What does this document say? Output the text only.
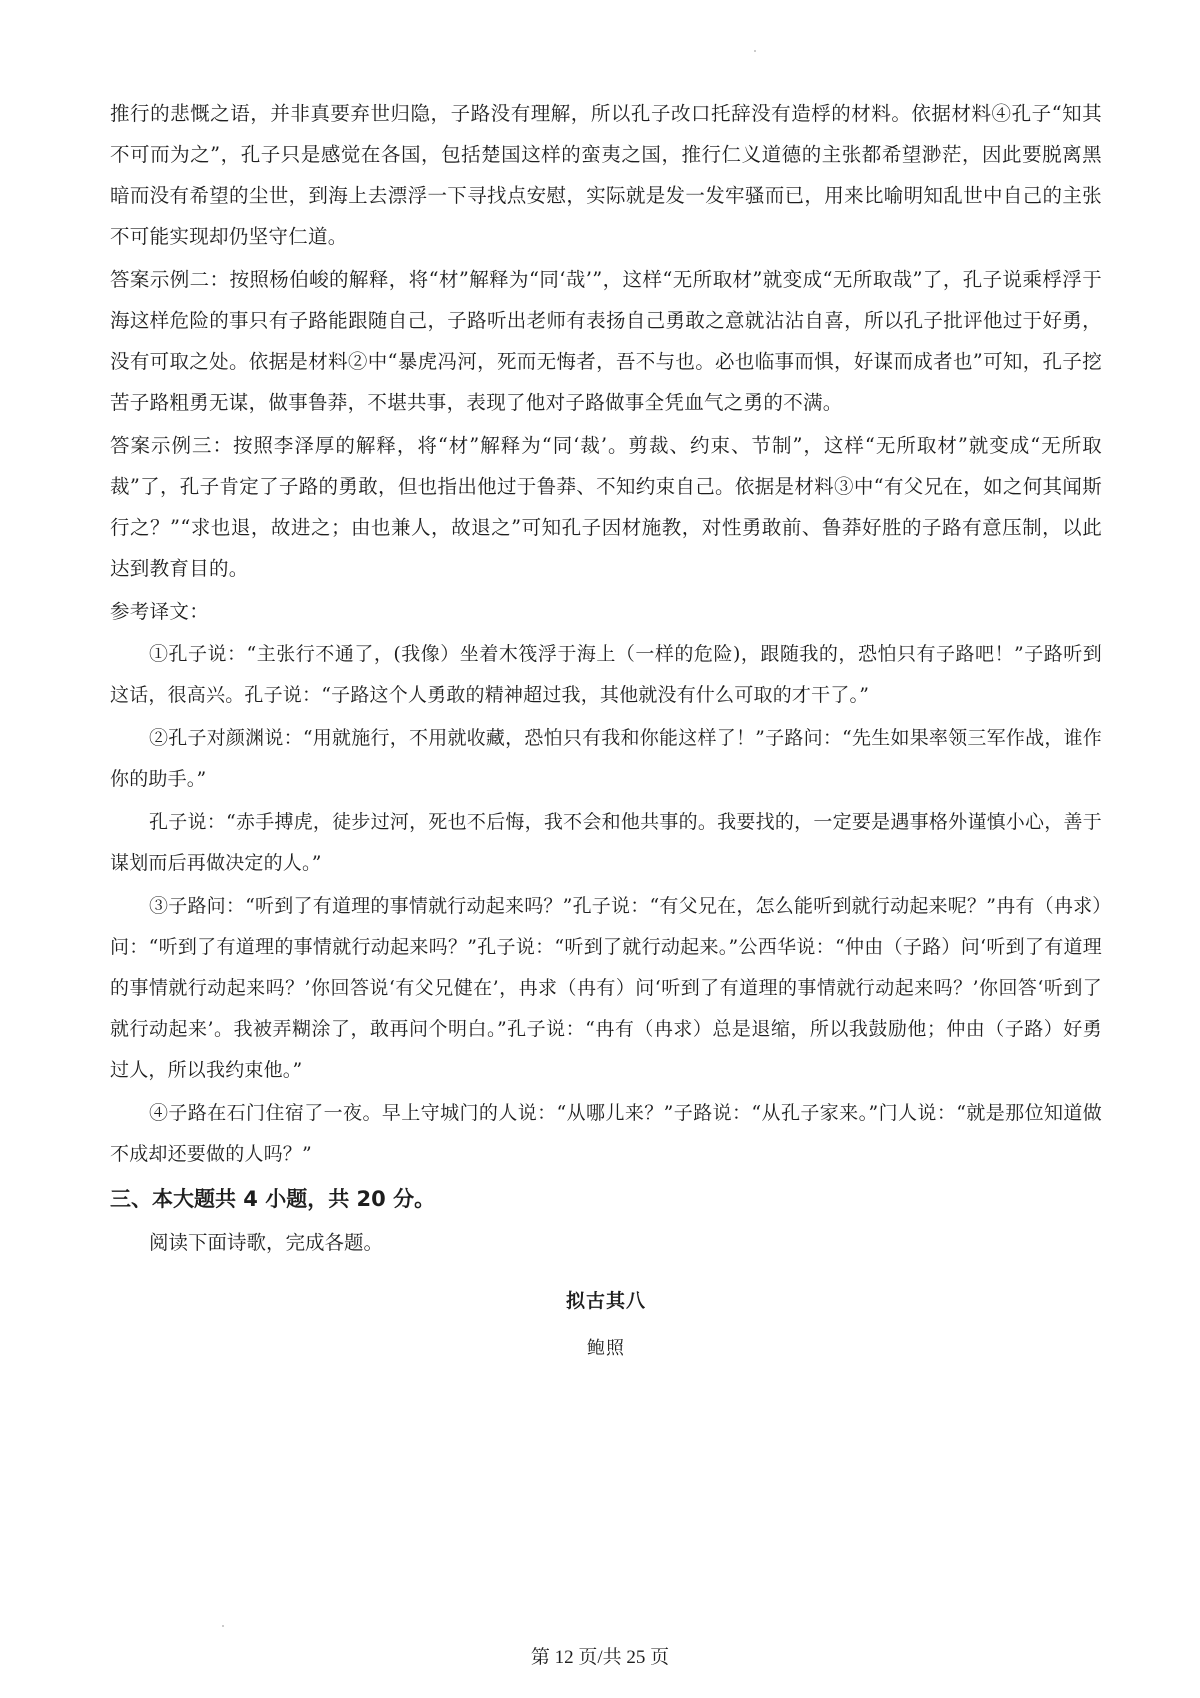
推行的悲慨之语，并非真要弃世归隐，子路没有理解，所以孔子改口托辞没有造桴的材料。依据材料④孔子“知其不可而为之”，孔子只是感觉在各国，包括楚国这样的蛮夷之国，推行仁义道德的主张都希望渺茫，因此要脱离黑暗而没有希望的尘世，到海上去漂浮一下寻找点安慰，实际就是发一发牢骚而已，用来比喻明知乱世中自己的主张不可能实现却仍坚守仁道。

答案示例二：按照杨伯峻的解释，将“材”解释为“同‘哉’”，这样“无所取材”就变成“无所取哉”了，孔子说乘桴浮于海这样危险的事只有子路能跟随自己，子路听出老师有表扬自己勇敢之意就沾沾自喜，所以孔子批评他过于好勇，没有可取之处。依据是材料②中“暴虎冯河，死而无悔者，吾不与也。必也临事而惧，好谋而成者也”可知，孔子挖苦子路粗勇无谋，做事鲁莽，不堪共事，表现了他对子路做事全凭血气之勇的不满。

答案示例三：按照李泽厚的解释，将“材”解释为“同‘裁’。剪裁、约束、节制”，这样“无所取材”就变成“无所取裁”了，孔子肯定了子路的勇敢，但也指出他过于鲁莽、不知约束自己。依据是材料③中“有父兄在，如之何其闻斯行之？”“求也退，故进之；由也兼人，故退之”可知孔子因材施教，对性勇敢前、鲁莽好胜的子路有意压制，以此达到教育目的。

参考译文：

①孔子说：“主张行不通了，(我像）坐着木筏浮于海上（一样的危险)，跟随我的，恐怕只有子路吧！”子路听到这话，很高兴。孔子说：“子路这个人勇敢的精神超过我，其他就没有什么可取的才干了。”

②孔子对颜渊说：“用就施行，不用就收藏，恐怕只有我和你能这样了！”子路问：“先生如果率领三军作战，谁作你的助手。”

孔子说：“赤手搏虎，徒步过河，死也不后悔，我不会和他共事的。我要找的，一定要是遇事格外谨慎小心，善于谋划而后再做决定的人。”

③子路问：“听到了有道理的事情就行动起来吗？”孔子说：“有父兄在，怎么能听到就行动起来呢？”冉有（冉求）问：“听到了有道理的事情就行动起来吗？”孔子说：“听到了就行动起来。”公西华说：“仲由（子路）问‘听到了有道理的事情就行动起来吗？’你回答说‘有父兄健在’，冉求（冉有）问‘听到了有道理的事情就行动起来吗？’你回答‘听到了就行动起来’。我被弄糊涂了，敢再问个明白。”孔子说：“冉有（冉求）总是退缩，所以我鼓励他；仲由（子路）好勇过人，所以我约束他。”

④子路在石门住宿了一夜。早上守城门的人说：“从哪儿来？”子路说：“从孔子家来。”门人说：“就是那位知道做不成却还要做的人吗？”

三、本大题共 4 小题，共 20 分。

阅读下面诗歌，完成各题。

拟古其八

鲍照

第 12 页/共 25 页
